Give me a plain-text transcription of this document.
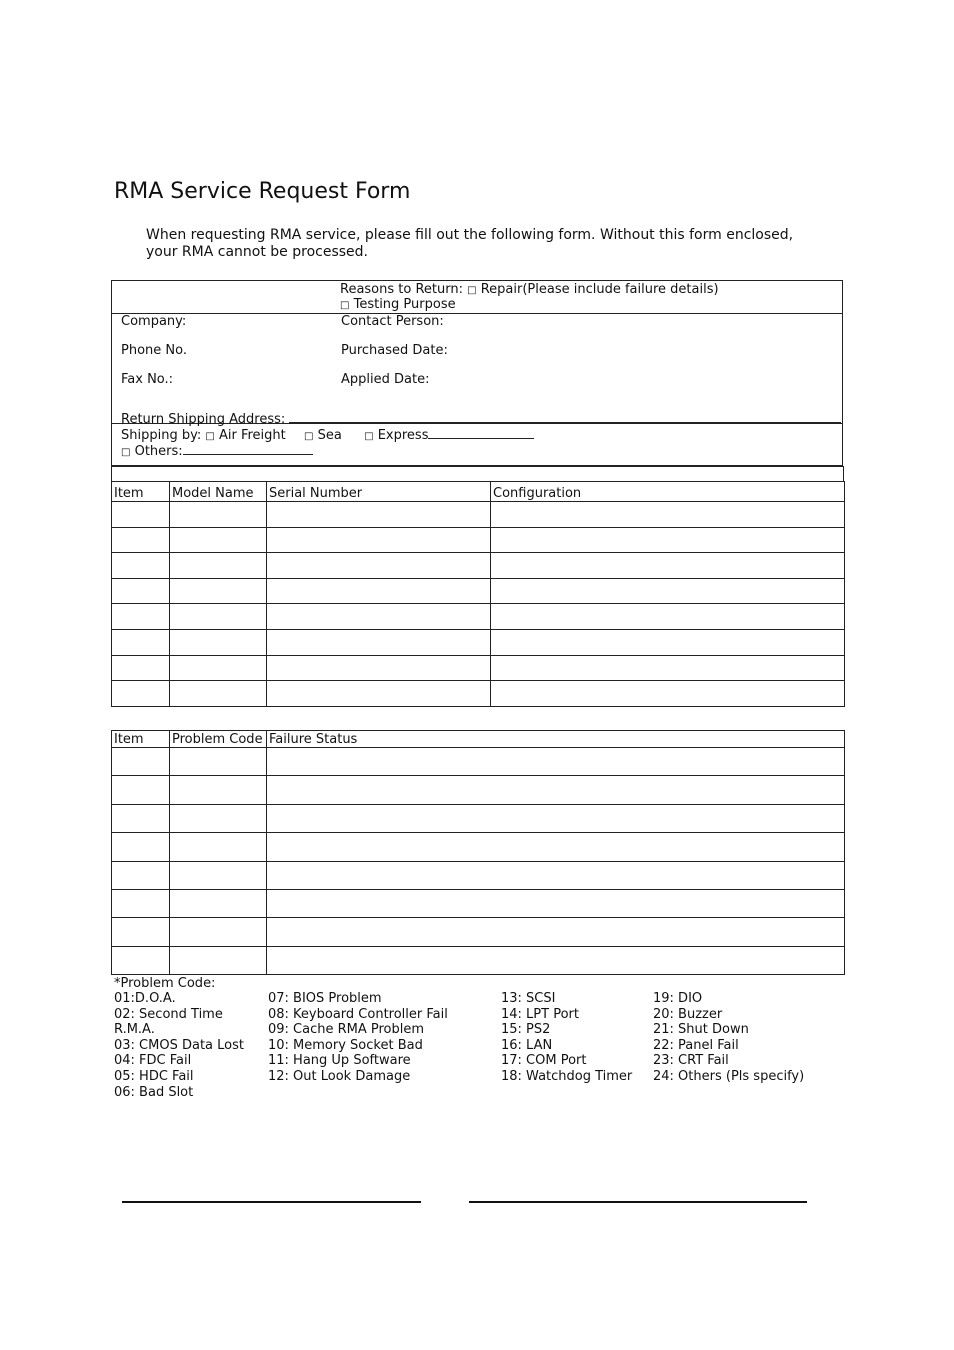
RMA Service Request Form
When requesting RMA service, please fill out the following form. Without this form enclosed,
your RMA cannot be processed.
Reasons to Return: □ Repair(Please include failure details)
□ Testing Purpose
Company:	Contact Person:
Phone No.	Purchased Date:
Fax No.:	Applied Date:
Return Shipping Address:
Shipping by: □ Air Freight □ Sea □ Express
□ Others:
Item	Model Name	Serial Number	Configuration

Item	Problem Code	Failure Status

*Problem Code:
01:D.O.A.
02: Second Time
R.M.A.
03: CMOS Data Lost
04: FDC Fail
05: HDC Fail
06: Bad Slot
07: BIOS Problem
08: Keyboard Controller Fail
09: Cache RMA Problem
10: Memory Socket Bad
11: Hang Up Software
12: Out Look Damage
13: SCSI
14: LPT Port
15: PS2
16: LAN
17: COM Port
18: Watchdog Timer
19: DIO
20: Buzzer
21: Shut Down
22: Panel Fail
23: CRT Fail
24: Others (Pls specify)
